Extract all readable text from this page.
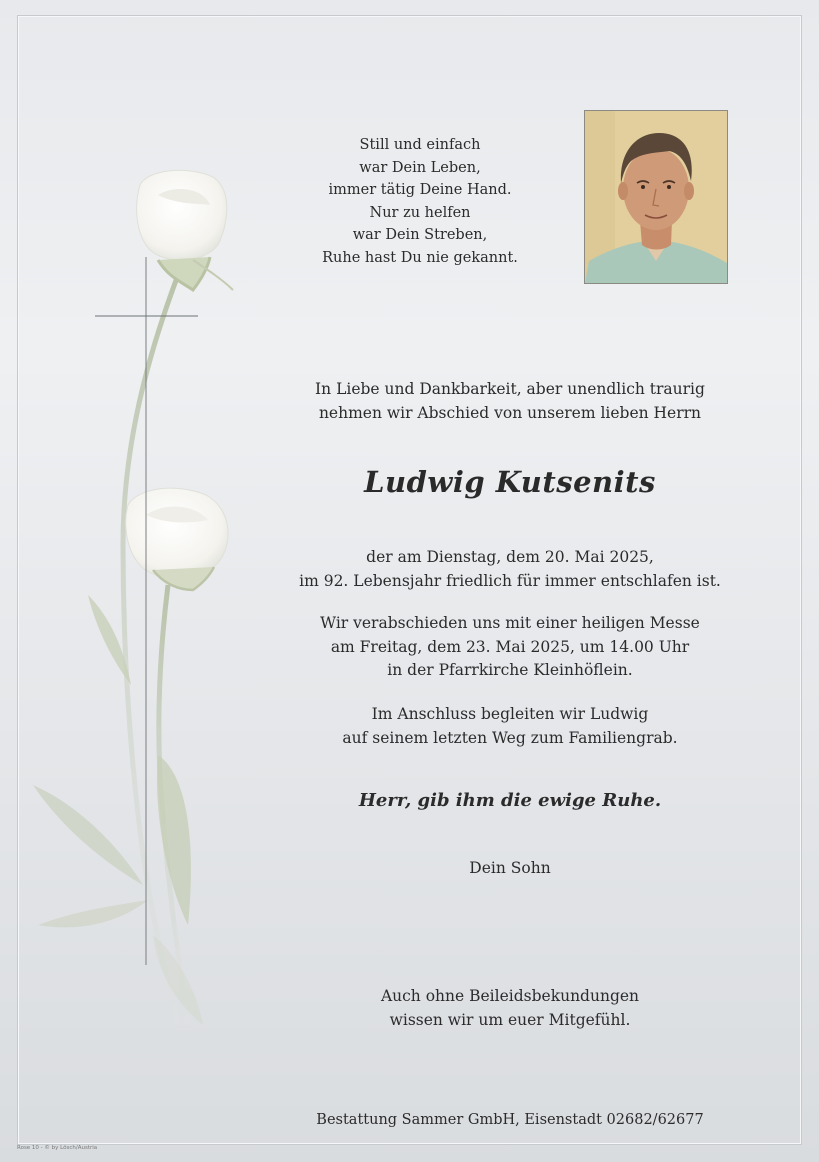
Still und einfach
war Dein Leben,
immer tätig Deine Hand.
Nur zu helfen
war Dein Streben,
Ruhe hast Du nie gekannt.
In Liebe und Dankbarkeit, aber unendlich traurig
nehmen wir Abschied von unserem lieben Herrn
Ludwig Kutsenits
der am Dienstag, dem 20. Mai 2025,
im 92. Lebensjahr friedlich für immer entschlafen ist.
Wir verabschieden uns mit einer heiligen Messe
am Freitag, dem 23. Mai 2025, um 14.00 Uhr
in der Pfarrkirche Kleinhöflein.
Im Anschluss begleiten wir Ludwig
auf seinem letzten Weg zum Familiengrab.
Herr, gib ihm die ewige Ruhe.
Dein Sohn
Auch ohne Beileidsbekundungen
wissen wir um euer Mitgefühl.
Bestattung Sammer GmbH, Eisenstadt 02682/62677
Rose 10 - © by Lösch/Austria
